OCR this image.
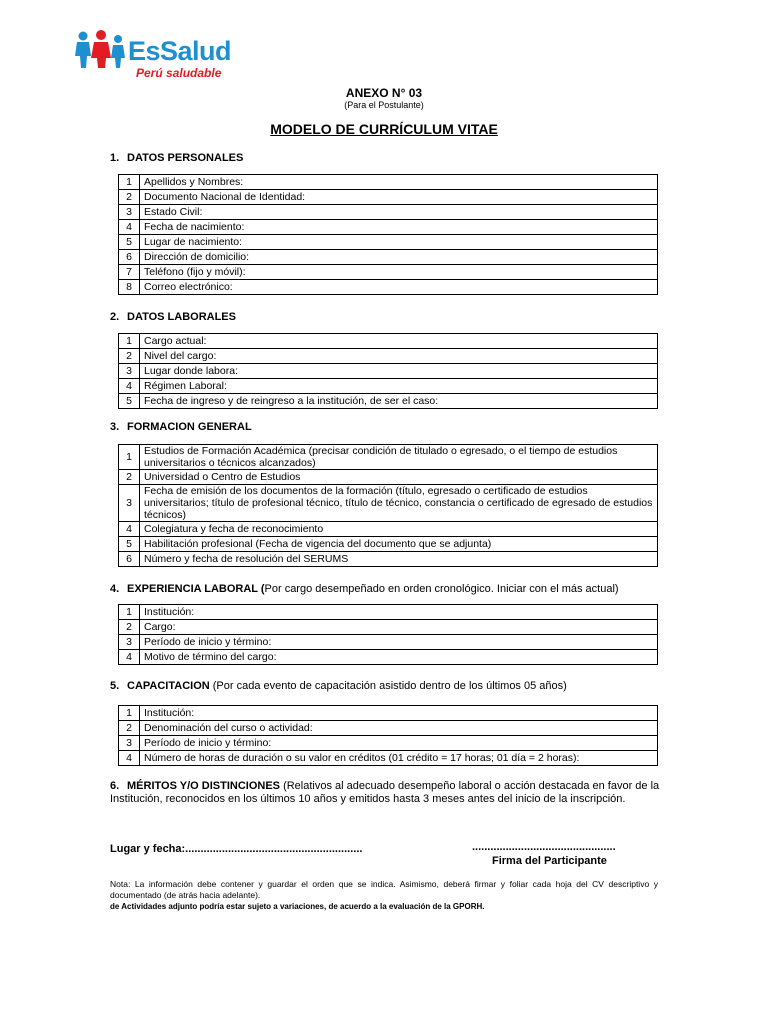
EsSalud
Perú saludable
ANEXO N° 03
(Para el Postulante)
MODELO DE CURRÍCULUM VITAE
1. DATOS PERSONALES
1	Apellidos y Nombres:
2	Documento Nacional de Identidad:
3	Estado Civil:
4	Fecha de nacimiento:
5	Lugar de nacimiento:
6	Dirección de domicilio:
7	Teléfono (fijo y móvil):
8	Correo electrónico:
2. DATOS LABORALES
1	Cargo actual:
2	Nivel del cargo:
3	Lugar donde labora:
4	Régimen Laboral:
5	Fecha de ingreso y de reingreso a la institución, de ser el caso:
3. FORMACION GENERAL
1	Estudios de Formación Académica (precisar condición de titulado o egresado, o el tiempo de estudios universitarios o técnicos alcanzados)
2	Universidad o Centro de Estudios
3	Fecha de emisión de los documentos de la formación (título, egresado o certificado de estudios universitarios; título de profesional técnico, título de técnico, constancia o certificado de egresado de estudios técnicos)
4	Colegiatura y fecha de reconocimiento
5	Habilitación profesional (Fecha de vigencia del documento que se adjunta)
6	Número y fecha de resolución del SERUMS
4. EXPERIENCIA LABORAL (Por cargo desempeñado en orden cronológico. Iniciar con el más actual)
1	Institución:
2	Cargo:
3	Período de inicio y término:
4	Motivo de término del cargo:
5. CAPACITACION (Por cada evento de capacitación asistido dentro de los últimos 05 años)
1	Institución:
2	Denominación del curso o actividad:
3	Período de inicio y término:
4	Número de horas de duración o su valor en créditos (01 crédito = 17 horas; 01 día = 2 horas):
6. MÉRITOS Y/O DISTINCIONES (Relativos al adecuado desempeño laboral o acción destacada en favor de la Institución, reconocidos en los últimos 10 años y emitidos hasta 3 meses antes del inicio de la inscripción.
Lugar y fecha:..........................................................	...............................................
Firma del Participante
Nota: La información debe contener y guardar el orden que se indica. Asimismo, deberá firmar y foliar cada hoja del CV descriptivo y documentado (de atrás hacia adelante).
de Actividades adjunto podría estar sujeto a variaciones, de acuerdo a la evaluación de la GPORH.
